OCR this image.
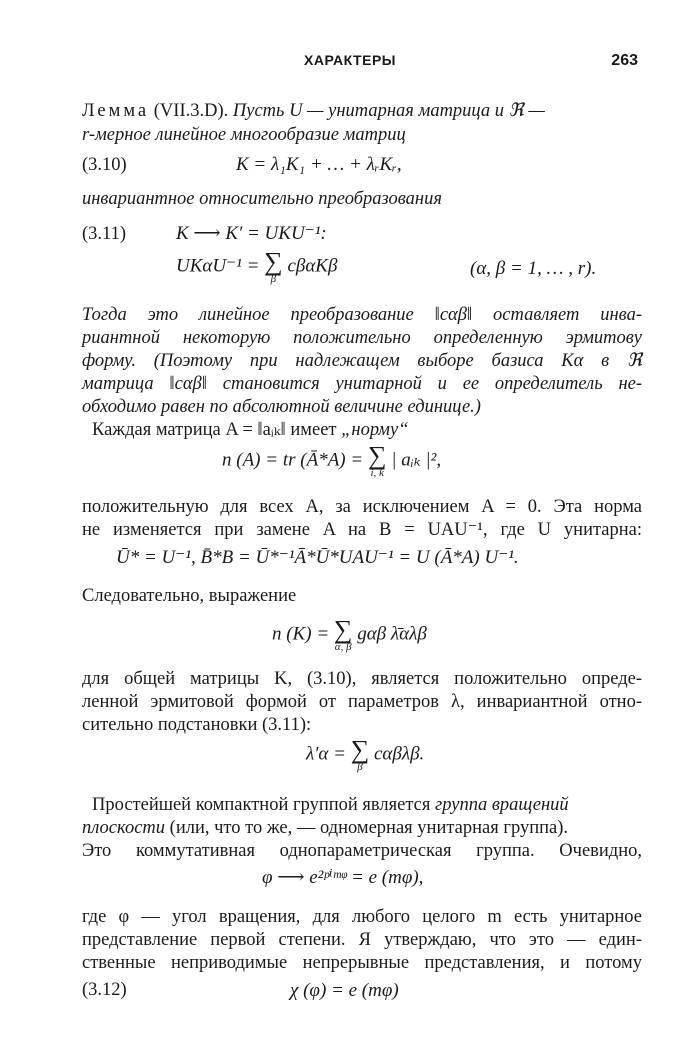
ХАРАКТЕРЫ	263
Лемма (VII.3.D). Пусть U — унитарная матрица и ℜ —
r-мерное линейное многообразие матриц
(3.10)	K = λ₁K₁ + … + λᵣKᵣ,
инвариантное относительно преобразования
(3.11)	K ⟶ K′ = UKU⁻¹:
UKαU⁻¹ = ∑
β
cβαKβ	(α, β = 1, … , r).
Тогда это линейное преобразование ‖cαβ‖ оставляет инва-
риантной некоторую положительно определенную эрмитову
форму. (Поэтому при надлежащем выборе базиса Kα в ℜ
матрица ‖cαβ‖ становится унитарной и ее определитель не-
обходимо равен по абсолютной величине единице.)
Каждая матрица A = ‖aᵢₖ‖ имеет „норму“
n (A) = tr (Ā*A) = ∑
i, k
| aᵢₖ |²,
положительную для всех A, за исключением A = 0. Эта норма
не изменяется при замене A на B = UAU⁻¹, где U унитарна:
Ū* = U⁻¹, B̄*B = Ū*⁻¹Ā*Ū*UAU⁻¹ = U (Ā*A) U⁻¹.
Следовательно, выражение
n (K) = ∑
α, β
gαβ λ̄αλβ
для общей матрицы K, (3.10), является положительно опреде-
ленной эрмитовой формой от параметров λ, инвариантной отно-
сительно подстановки (3.11):
λ′α = ∑
β
cαβλβ.
Простейшей компактной группой является группа вращений
плоскости (или, что то же, — одномерная унитарная группа).
Это коммутативная однопараметрическая группа. Очевидно,
φ ⟶ e²ᵖⁱᵐᵠ = e (mφ),
где φ — угол вращения, для любого целого m есть унитарное
представление первой степени. Я утверждаю, что это — един-
ственные неприводимые непрерывные представления, и потому
(3.12)	χ (φ) = e (mφ)
